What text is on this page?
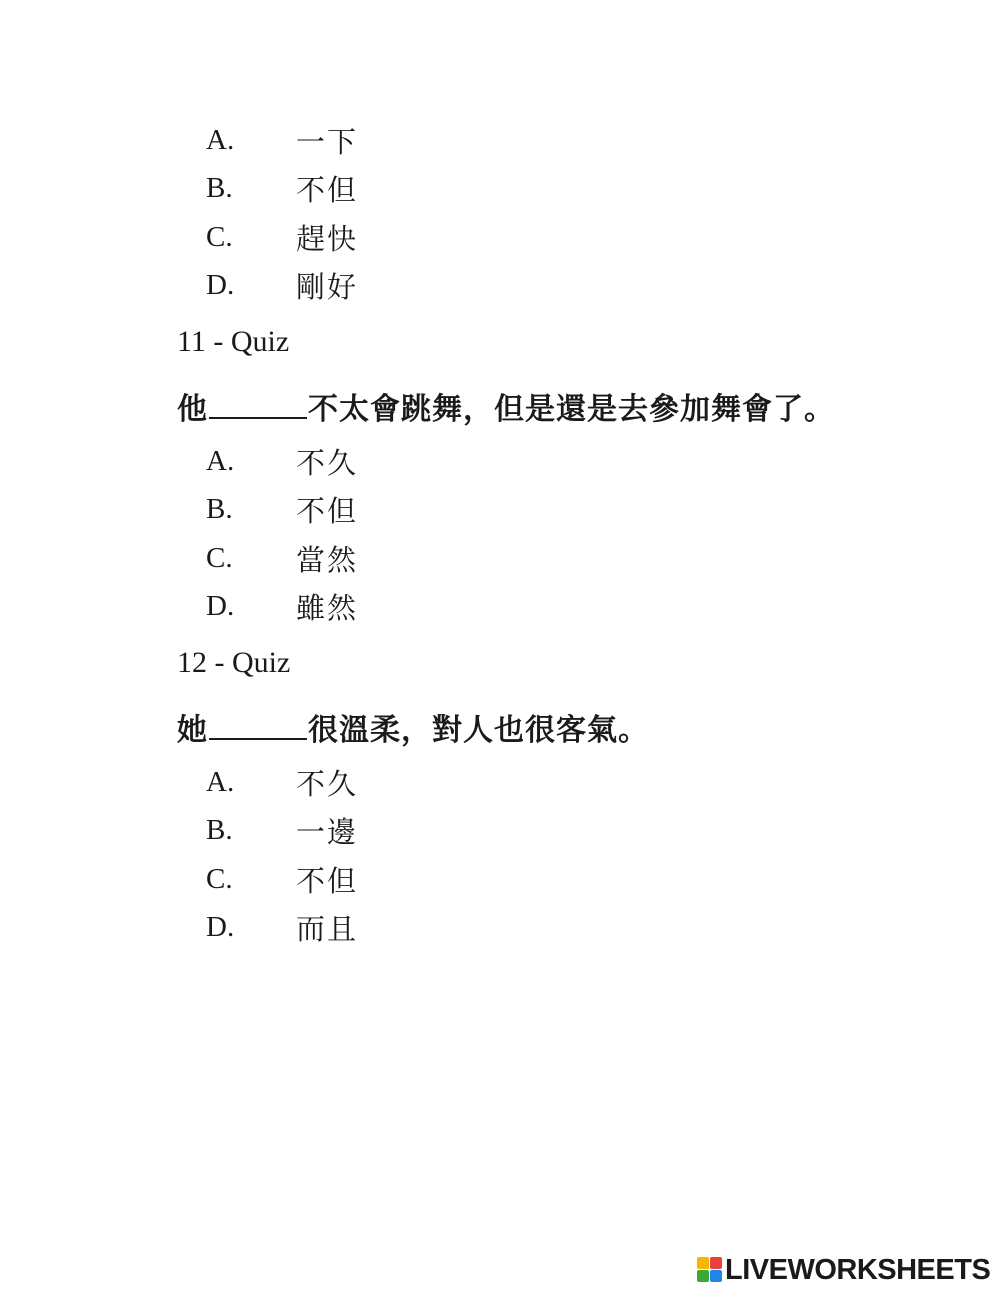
A.	一下
B.	不但
C.	趕快
D.	剛好
11 - Quiz
他	不太會跳舞，但是還是去參加舞會了。
A.	不久
B.	不但
C.	當然
D.	雖然
12 - Quiz
她	很溫柔，對人也很客氣。
A.	不久
B.	一邊
C.	不但
D.	而且
LIVEWORKSHEETS
